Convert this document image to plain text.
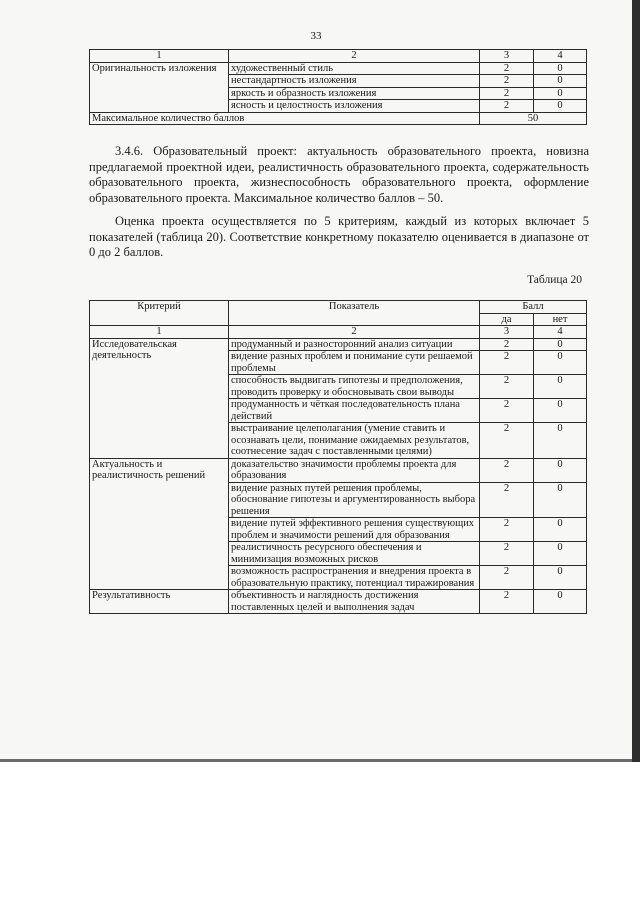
33
1	2	3	4
Оригинальность изложения	художественный стиль	2	0
	нестандартность изложения	2	0
	яркость и образность изложения	2	0
	ясность и целостность изложения	2	0
Максимальное количество баллов		50	

3.4.6. Образовательный проект: актуальность образовательного проекта, новизна предлагаемой проектной идеи, реалистичность образовательного проекта, содержательность образовательного проекта, жизнеспособность образовательного проекта, оформление образовательного проекта. Максимальное количество баллов – 50.

Оценка проекта осуществляется по 5 критериям, каждый из которых включает 5 показателей (таблица 20). Соответствие конкретному показателю оценивается в диапазоне от 0 до 2 баллов.

Таблица 20
Критерий	Показатель	Балл	
		да	нет
1	2	3	4
Исследовательская деятельность	продуманный и разносторонний анализ ситуации	2	0
	видение разных проблем и понимание сути решаемой проблемы	2	0
	способность выдвигать гипотезы и предположения, проводить проверку и обосновывать свои выводы	2	0
	продуманность и чёткая последовательность плана действий	2	0
	выстраивание целеполагания (умение ставить и осознавать цели, понимание ожидаемых результатов, соотнесение задач с поставленными целями)	2	0
Актуальность и реалистичность решений	доказательство значимости проблемы проекта для образования	2	0
	видение разных путей решения проблемы, обоснование гипотезы и аргументированность выбора решения	2	0
	видение путей эффективного решения существующих проблем и значимости решений для образования	2	0
	реалистичность ресурсного обеспечения и минимизация возможных рисков	2	0
	возможность распространения и внедрения проекта в образовательную практику, потенциал тиражирования	2	0
Результативность	объективность и наглядность достижения поставленных целей и выполнения задач	2	0
